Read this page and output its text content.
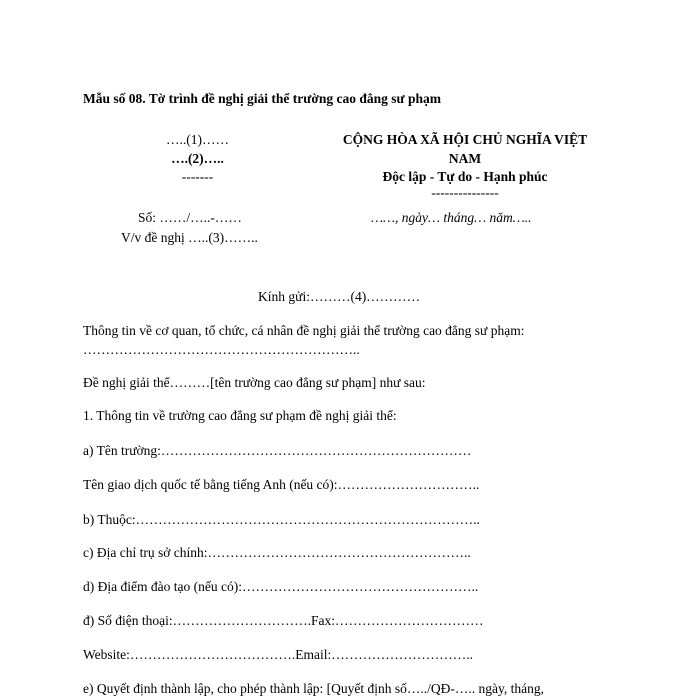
Mẫu số 08. Tờ trình đề nghị giải thể trường cao đẳng sư phạm
…..(1)……
….(2)…..
-------
CỘNG HÒA XÃ HỘI CHỦ NGHĨA VIỆT
NAM
Độc lập - Tự do - Hạnh phúc
---------------
Số: ……/…..-……	……, ngày… tháng… năm…..
V/v đề nghị …..(3)……..
Kính gửi:………(4)…………
Thông tin về cơ quan, tổ chức, cá nhân đề nghị giải thể trường cao đẳng sư phạm:
……………………………………………………..
Đề nghị giải thể………[tên trường cao đẳng sư phạm] như sau:
1. Thông tin về trường cao đẳng sư phạm đề nghị giải thể:
a) Tên trường:……………………………………………………………
Tên giao dịch quốc tế bằng tiếng Anh (nếu có):…………………………..
b) Thuộc:…………………………………………………………………..
c) Địa chỉ trụ sở chính:…………………………………………………..
d) Địa điểm đào tạo (nếu có):……………………………………………..
đ) Số điện thoại:………………………….Fax:……………………………
Website:……………………………….Email:…………………………..
e) Quyết định thành lập, cho phép thành lập: [Quyết định số…../QĐ-….. ngày, tháng,
